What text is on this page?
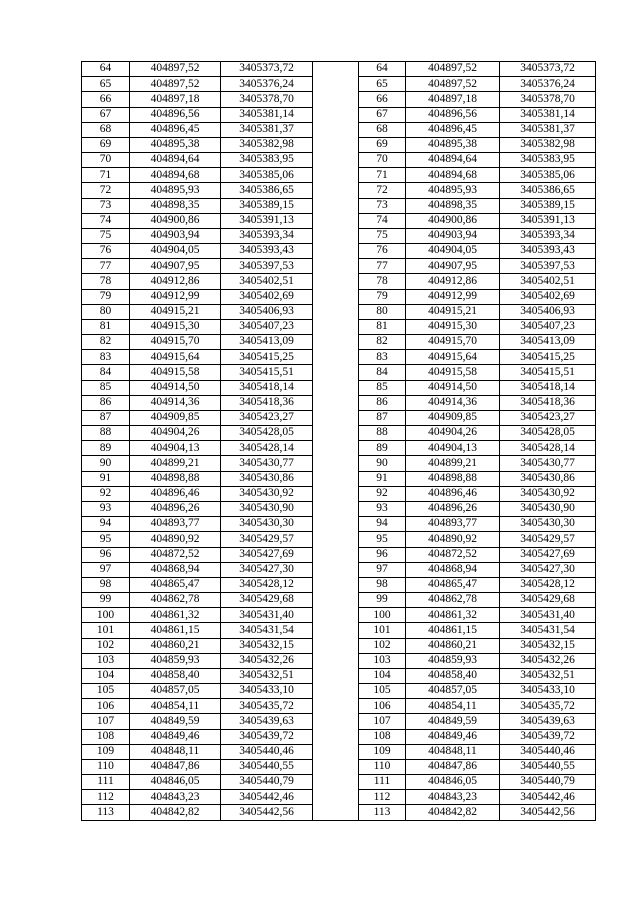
64	404897,52	3405373,72		64	404897,52	3405373,72
65	404897,52	3405376,24		65	404897,52	3405376,24
66	404897,18	3405378,70		66	404897,18	3405378,70
67	404896,56	3405381,14		67	404896,56	3405381,14
68	404896,45	3405381,37		68	404896,45	3405381,37
69	404895,38	3405382,98		69	404895,38	3405382,98
70	404894,64	3405383,95		70	404894,64	3405383,95
71	404894,68	3405385,06		71	404894,68	3405385,06
72	404895,93	3405386,65		72	404895,93	3405386,65
73	404898,35	3405389,15		73	404898,35	3405389,15
74	404900,86	3405391,13		74	404900,86	3405391,13
75	404903,94	3405393,34		75	404903,94	3405393,34
76	404904,05	3405393,43		76	404904,05	3405393,43
77	404907,95	3405397,53		77	404907,95	3405397,53
78	404912,86	3405402,51		78	404912,86	3405402,51
79	404912,99	3405402,69		79	404912,99	3405402,69
80	404915,21	3405406,93		80	404915,21	3405406,93
81	404915,30	3405407,23		81	404915,30	3405407,23
82	404915,70	3405413,09		82	404915,70	3405413,09
83	404915,64	3405415,25		83	404915,64	3405415,25
84	404915,58	3405415,51		84	404915,58	3405415,51
85	404914,50	3405418,14		85	404914,50	3405418,14
86	404914,36	3405418,36		86	404914,36	3405418,36
87	404909,85	3405423,27		87	404909,85	3405423,27
88	404904,26	3405428,05		88	404904,26	3405428,05
89	404904,13	3405428,14		89	404904,13	3405428,14
90	404899,21	3405430,77		90	404899,21	3405430,77
91	404898,88	3405430,86		91	404898,88	3405430,86
92	404896,46	3405430,92		92	404896,46	3405430,92
93	404896,26	3405430,90		93	404896,26	3405430,90
94	404893,77	3405430,30		94	404893,77	3405430,30
95	404890,92	3405429,57		95	404890,92	3405429,57
96	404872,52	3405427,69		96	404872,52	3405427,69
97	404868,94	3405427,30		97	404868,94	3405427,30
98	404865,47	3405428,12		98	404865,47	3405428,12
99	404862,78	3405429,68		99	404862,78	3405429,68
100	404861,32	3405431,40		100	404861,32	3405431,40
101	404861,15	3405431,54		101	404861,15	3405431,54
102	404860,21	3405432,15		102	404860,21	3405432,15
103	404859,93	3405432,26		103	404859,93	3405432,26
104	404858,40	3405432,51		104	404858,40	3405432,51
105	404857,05	3405433,10		105	404857,05	3405433,10
106	404854,11	3405435,72		106	404854,11	3405435,72
107	404849,59	3405439,63		107	404849,59	3405439,63
108	404849,46	3405439,72		108	404849,46	3405439,72
109	404848,11	3405440,46		109	404848,11	3405440,46
110	404847,86	3405440,55		110	404847,86	3405440,55
111	404846,05	3405440,79		111	404846,05	3405440,79
112	404843,23	3405442,46		112	404843,23	3405442,46
113	404842,82	3405442,56		113	404842,82	3405442,56
